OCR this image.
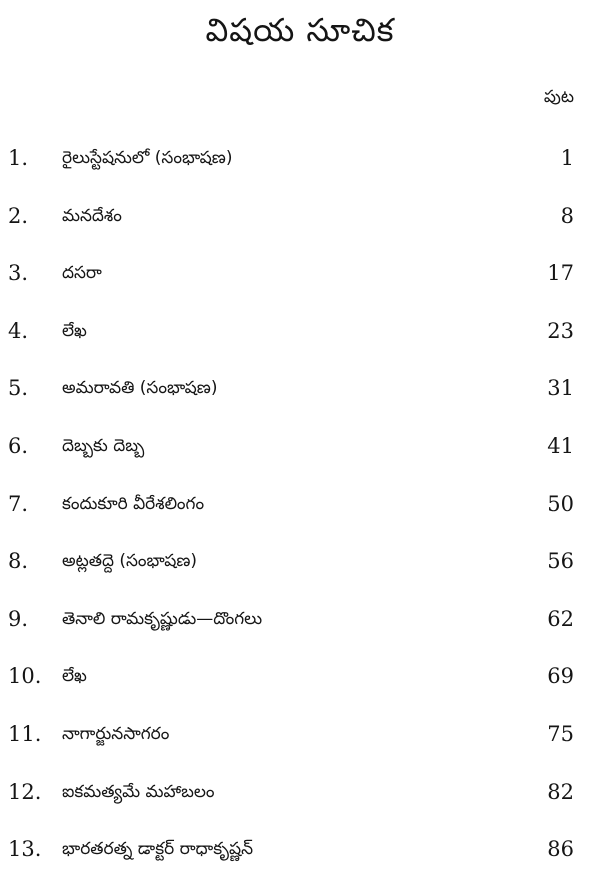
విషయ సూచిక
పుట
1.	రైలుస్టేషనులో (సంభాషణ)	1
2.	మనదేశం	8
3.	దసరా	17
4.	లేఖ	23
5.	అమరావతి (సంభాషణ)	31
6.	దెబ్బకు దెబ్బ	41
7.	కందుకూరి వీరేశలింగం	50
8.	అట్లతద్దె (సంభాషణ)	56
9.	తెనాలి రామకృష్ణుడు—దొంగలు	62
10.	లేఖ	69
11.	నాగార్జునసాగరం	75
12.	ఐకమత్యమే మహాబలం	82
13.	భారతరత్న డాక్టర్ రాధాకృష్ణన్	86
